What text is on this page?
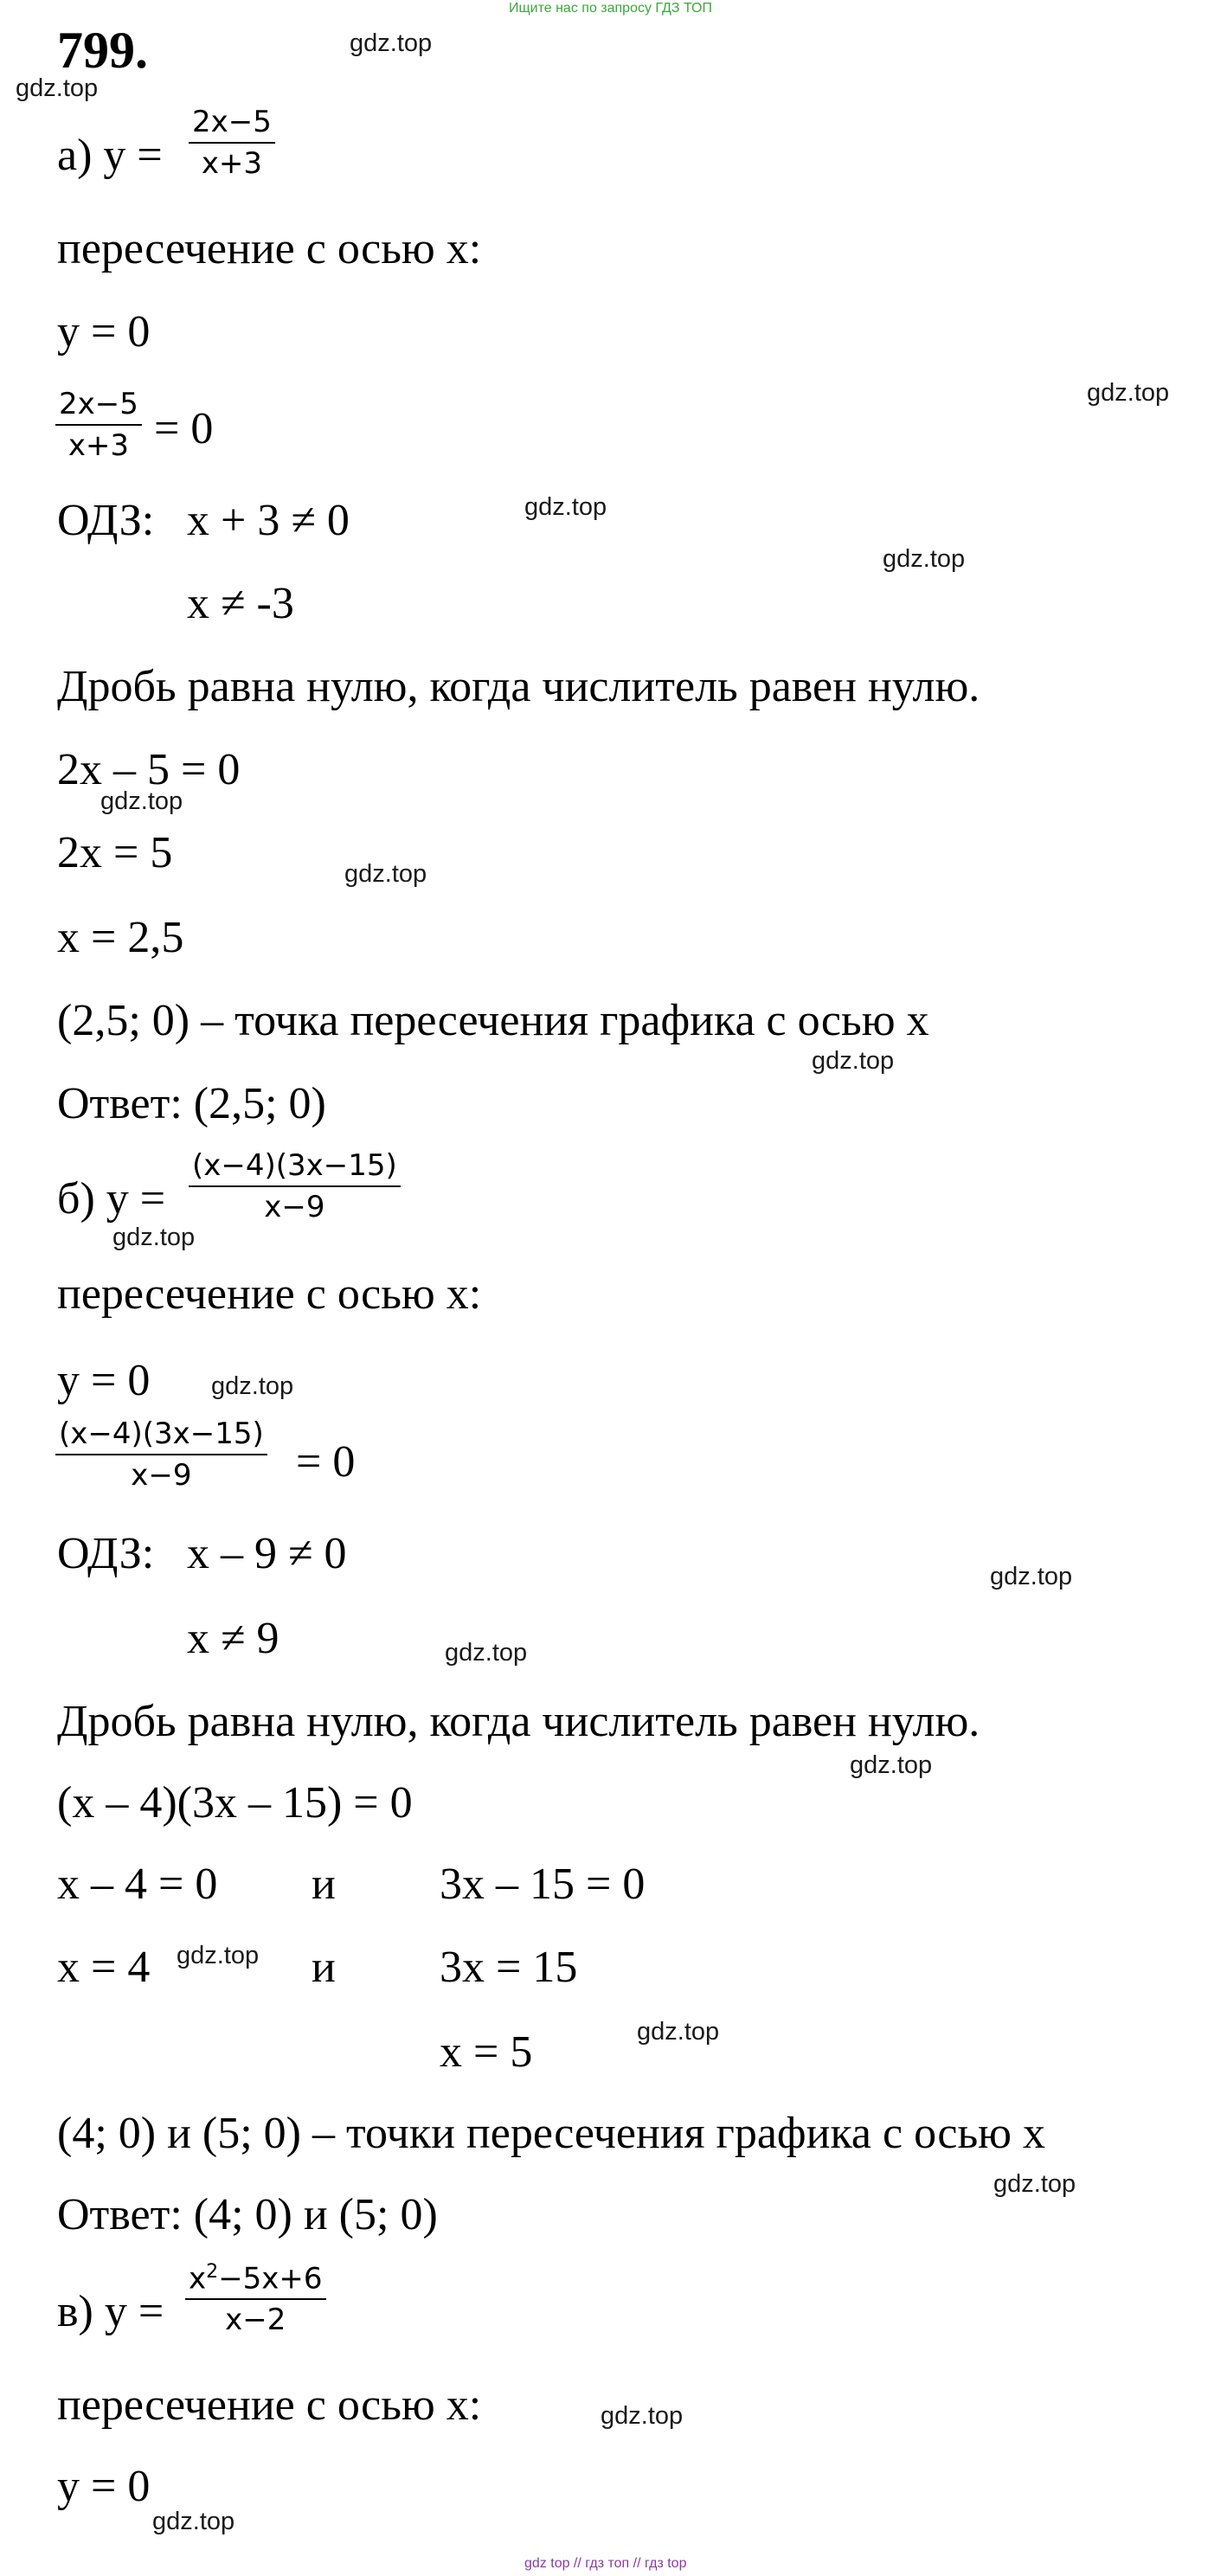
Ищите нас по запросу ГДЗ ТОП
gdz top // гдз топ // гдз top
799.
а) $y = \frac{2x-5}{x+3}$
пересечение с осью x:
y = 0
$\frac{2x-5}{x+3} = 0$
ОДЗ: x + 3 ≠ 0
x ≠ -3
Дробь равна нулю, когда числитель равен нулю.
2x – 5 = 0
2x = 5
x = 2,5
(2,5; 0) – точка пересечения графика с осью x
Ответ: (2,5; 0)
б) $y = \frac{(x-4)(3x-15)}{x-9}$
пересечение с осью x:
y = 0
$\frac{(x-4)(3x-15)}{x-9} = 0$
ОДЗ: x – 9 ≠ 0
x ≠ 9
Дробь равна нулю, когда числитель равен нулю.
(x – 4)(3x – 15) = 0
x – 4 = 0 и 3x – 15 = 0
x = 4	и 3x = 15
x = 5
(4; 0) и (5; 0) – точки пересечения графика с осью x
Ответ: (4; 0) и (5; 0)
в) $y = \frac{x^2-5x+6}{x-2}$
пересечение с осью x:
y = 0
gdz.top
gdz.top
gdz.top
gdz.top
gdz.top
gdz.top
gdz.top
gdz.top
gdz.top
gdz.top
gdz.top
gdz.top
gdz.top
gdz.top
gdz.top
gdz.top
gdz.top
gdz.top
